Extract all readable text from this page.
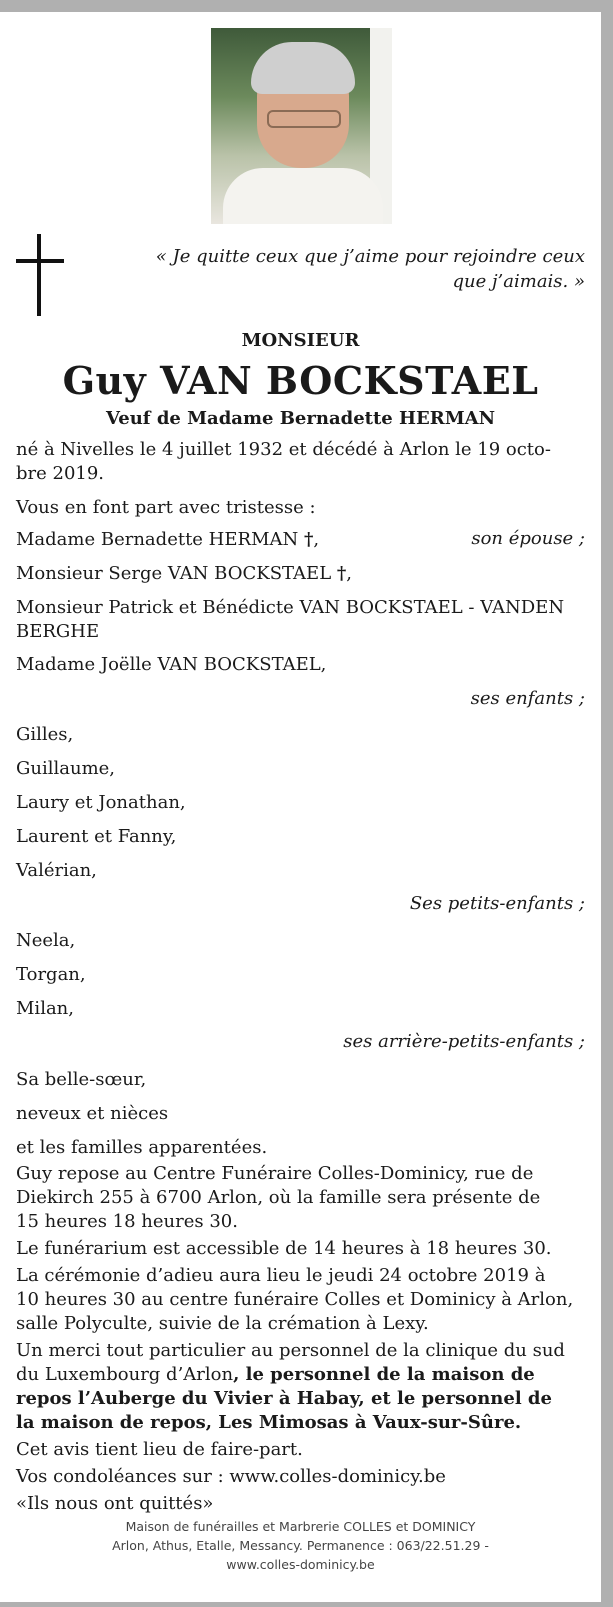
« Je quitte ceux que j’aime pour rejoindre ceux que j’aimais. »
MONSIEUR
Guy VAN BOCKSTAEL
Veuf de Madame Bernadette HERMAN
né à Nivelles le 4 juillet 1932 et décédé à Arlon le 19 octo-
bre 2019.
Vous en font part avec tristesse :
Madame Bernadette HERMAN †,	son épouse ;
Monsieur Serge VAN BOCKSTAEL †,
Monsieur Patrick et Bénédicte VAN BOCKSTAEL - VANDEN
BERGHE
Madame Joëlle VAN BOCKSTAEL,
ses enfants ;
Gilles,
Guillaume,
Laury et Jonathan,
Laurent et Fanny,
Valérian,
Ses petits-enfants ;
Neela,
Torgan,
Milan,
ses arrière-petits-enfants ;
Sa belle-sœur,
neveux et nièces
et les familles apparentées.
Guy repose au Centre Funéraire Colles-Dominicy, rue de
Diekirch 255 à 6700 Arlon, où la famille sera présente de
15 heures 18 heures 30.
Le funérarium est accessible de 14 heures à 18 heures 30.
La cérémonie d’adieu aura lieu le jeudi 24 octobre 2019 à
10 heures 30 au centre funéraire Colles et Dominicy à Arlon,
salle Polyculte, suivie de la crémation à Lexy.
Un merci tout particulier au personnel de la clinique du sud
du Luxembourg d’Arlon, le personnel de la maison de
repos l’Auberge du Vivier à Habay, et le personnel de
la maison de repos, Les Mimosas à Vaux-sur-Sûre.
Cet avis tient lieu de faire-part.
Vos condoléances sur : www.colles-dominicy.be
«Ils nous ont quittés»
Maison de funérailles et Marbrerie COLLES et DOMINICY
Arlon, Athus, Etalle, Messancy. Permanence : 063/22.51.29 -
www.colles-dominicy.be
